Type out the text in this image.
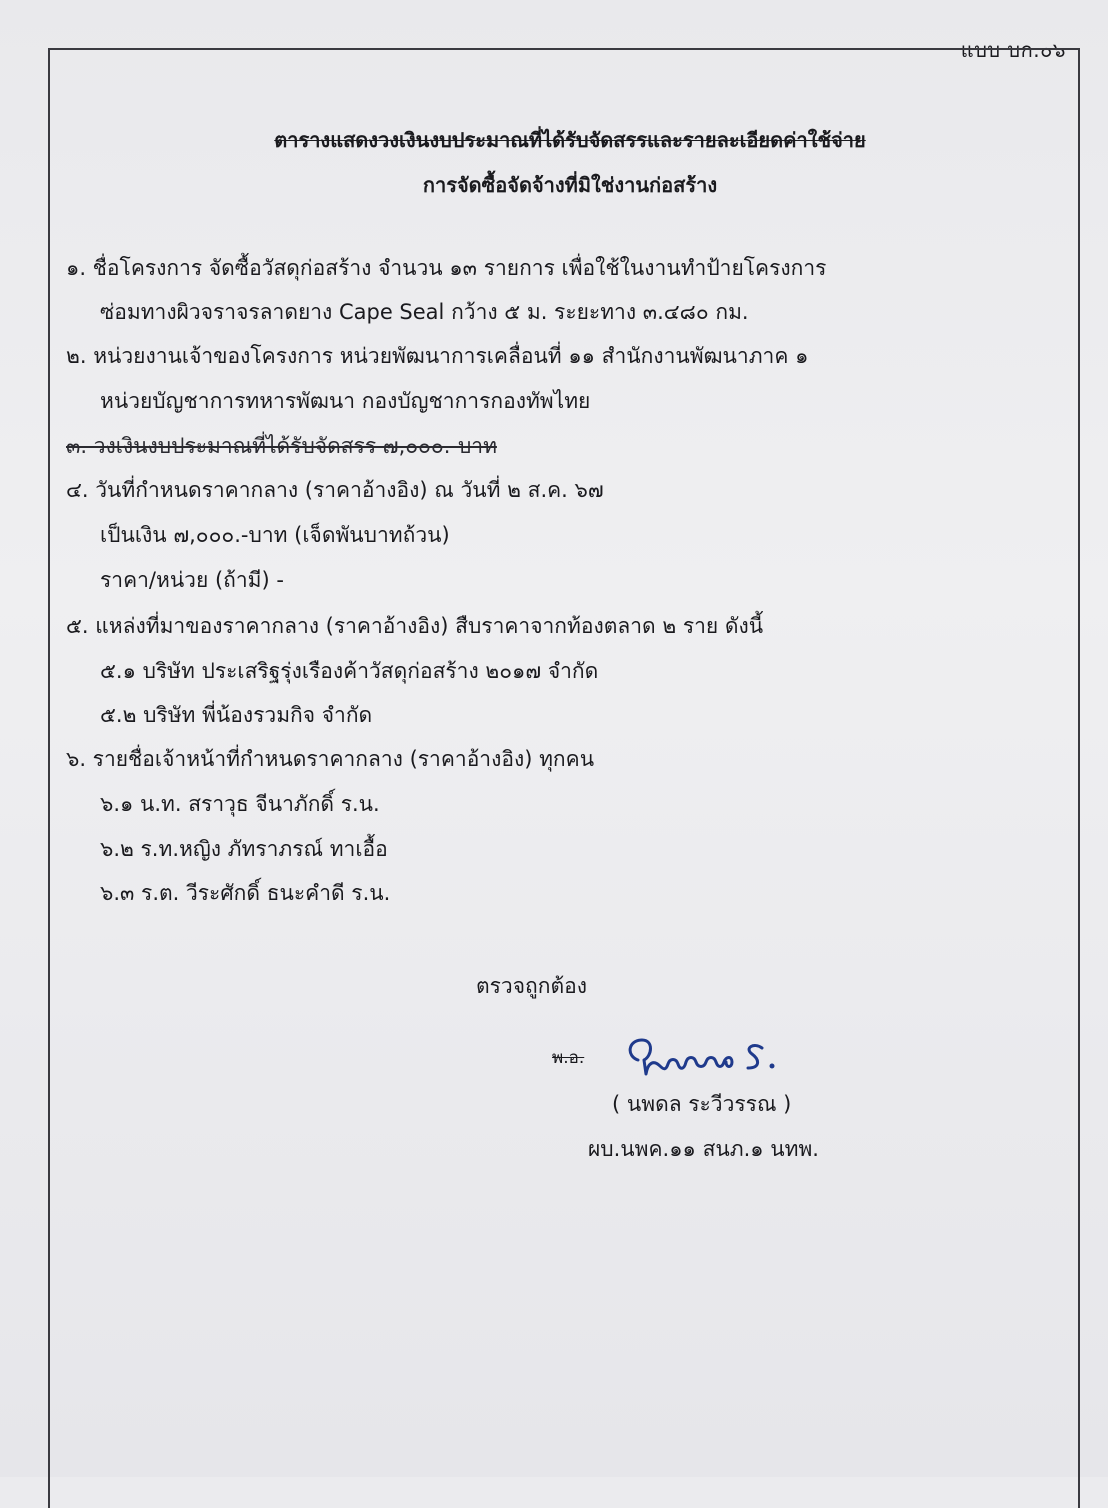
แบบ บก.๐๖
ตารางแสดงวงเงินงบประมาณที่ได้รับจัดสรรและรายละเอียดค่าใช้จ่าย
การจัดซื้อจัดจ้างที่มิใช่งานก่อสร้าง
๑. ชื่อโครงการ จัดซื้อวัสดุก่อสร้าง จำนวน ๑๓ รายการ เพื่อใช้ในงานทำป้ายโครงการ
ซ่อมทางผิวจราจรลาดยาง Cape Seal กว้าง ๕ ม. ระยะทาง ๓.๔๘๐ กม.
๒. หน่วยงานเจ้าของโครงการ หน่วยพัฒนาการเคลื่อนที่ ๑๑ สำนักงานพัฒนาภาค ๑
หน่วยบัญชาการทหารพัฒนา กองบัญชาการกองทัพไทย
๓. วงเงินงบประมาณที่ได้รับจัดสรร ๗,๐๐๐.-บาท
๔. วันที่กำหนดราคากลาง (ราคาอ้างอิง) ณ วันที่ ๒ ส.ค. ๖๗
เป็นเงิน ๗,๐๐๐.-บาท (เจ็ดพันบาทถ้วน)
ราคา/หน่วย (ถ้ามี) -
๕. แหล่งที่มาของราคากลาง (ราคาอ้างอิง) สืบราคาจากท้องตลาด ๒ ราย ดังนี้
๕.๑ บริษัท ประเสริฐรุ่งเรืองค้าวัสดุก่อสร้าง ๒๐๑๗ จำกัด
๕.๒ บริษัท พี่น้องรวมกิจ จำกัด
๖. รายชื่อเจ้าหน้าที่กำหนดราคากลาง (ราคาอ้างอิง) ทุกคน
๖.๑ น.ท. สราวุธ จีนาภักดิ์ ร.น.
๖.๒ ร.ท.หญิง ภัทราภรณ์ ทาเอื้อ
๖.๓ ร.ต. วีระศักดิ์ ธนะคำดี ร.น.
ตรวจถูกต้อง
พ.อ.
( นพดล ระวีวรรณ )
ผบ.นพค.๑๑ สนภ.๑ นทพ.
